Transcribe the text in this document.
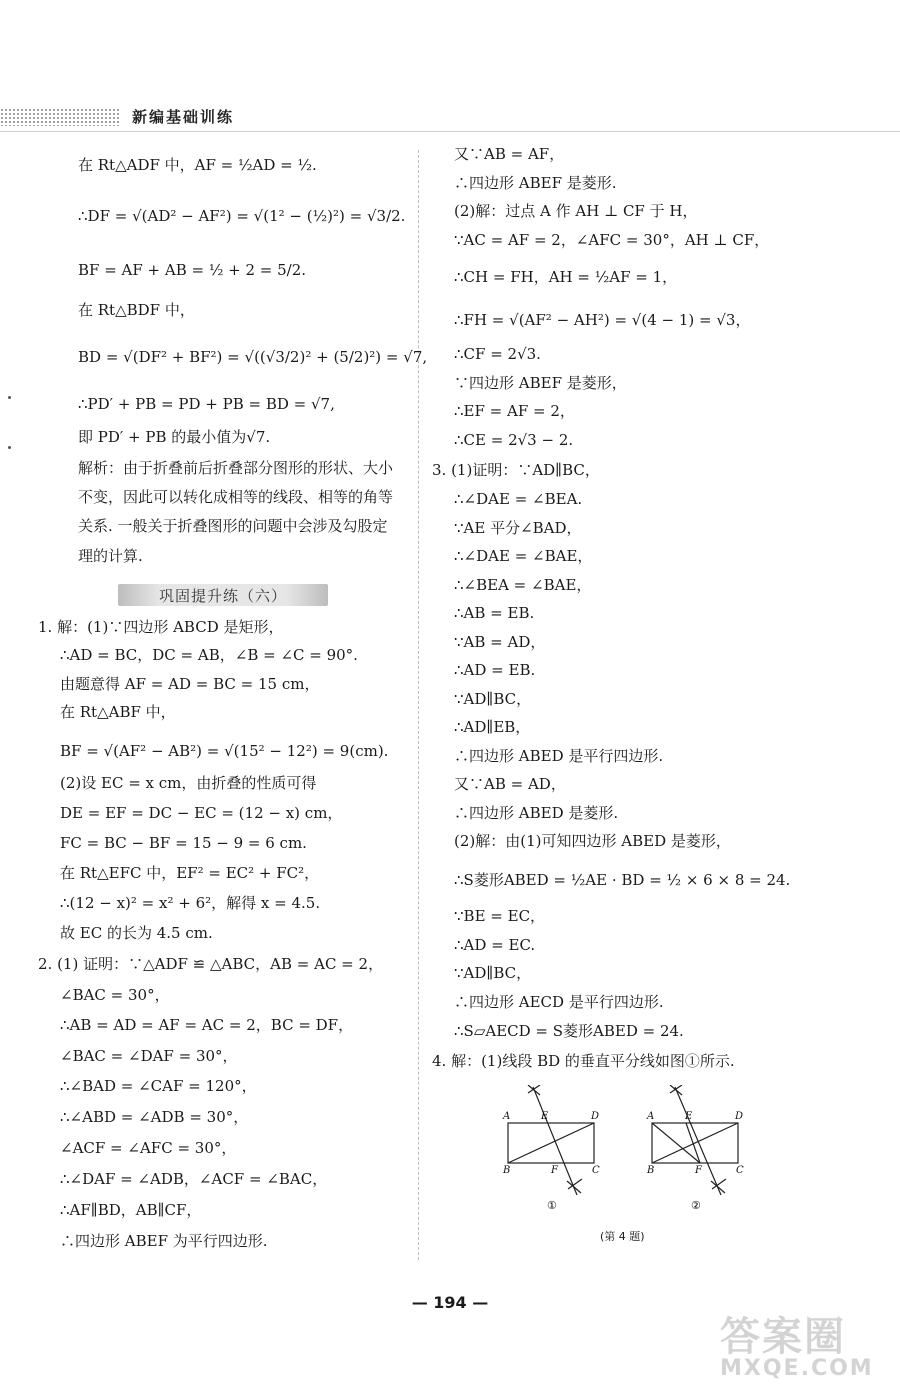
新编基础训练
在 Rt△ADF 中，AF = ½AD = ½.
∴DF = √(AD² − AF²) = √(1² − (½)²) = √3/2.
BF = AF + AB = ½ + 2 = 5/2.
在 Rt△BDF 中，
BD = √(DF² + BF²) = √((√3/2)² + (5/2)²) = √7,
∴PD′ + PB = PD + PB = BD = √7,
即 PD′ + PB 的最小值为√7.
解析：由于折叠前后折叠部分图形的形状、大小
不变，因此可以转化成相等的线段、相等的角等
关系. 一般关于折叠图形的问题中会涉及勾股定
理的计算.
1. 解：(1)∵四边形 ABCD 是矩形，
∴AD = BC，DC = AB，∠B = ∠C = 90°.
由题意得 AF = AD = BC = 15 cm，
在 Rt△ABF 中，
BF = √(AF² − AB²) = √(15² − 12²) = 9(cm).
(2)设 EC = x cm，由折叠的性质可得
DE = EF = DC − EC = (12 − x) cm，
FC = BC − BF = 15 − 9 = 6 cm.
在 Rt△EFC 中，EF² = EC² + FC²，
∴(12 − x)² = x² + 6²，解得 x = 4.5.
故 EC 的长为 4.5 cm.
2. (1) 证明：∵△ADF ≌ △ABC，AB = AC = 2，
∠BAC = 30°，
∴AB = AD = AF = AC = 2，BC = DF，
∠BAC = ∠DAF = 30°，
∴∠BAD = ∠CAF = 120°，
∴∠ABD = ∠ADB = 30°，
∠ACF = ∠AFC = 30°，
∴∠DAF = ∠ADB，∠ACF = ∠BAC，
∴AF∥BD，AB∥CF，
∴四边形 ABEF 为平行四边形.
又∵AB = AF，
∴四边形 ABEF 是菱形.
(2)解：过点 A 作 AH ⊥ CF 于 H，
∵AC = AF = 2，∠AFC = 30°，AH ⊥ CF，
∴CH = FH，AH = ½AF = 1，
∴FH = √(AF² − AH²) = √(4 − 1) = √3，
∴CF = 2√3.
∵四边形 ABEF 是菱形，
∴EF = AF = 2，
∴CE = 2√3 − 2.
3. (1)证明：∵AD∥BC，
∴∠DAE = ∠BEA.
∵AE 平分∠BAD，
∴∠DAE = ∠BAE，
∴∠BEA = ∠BAE，
∴AB = EB.
∵AB = AD，
∴AD = EB.
∵AD∥BC，
∴AD∥EB，
∴四边形 ABED 是平行四边形.
又∵AB = AD，
∴四边形 ABED 是菱形.
(2)解：由(1)可知四边形 ABED 是菱形，
∴S菱形ABED = ½AE · BD = ½ × 6 × 8 = 24.
∵BE = EC，
∴AD = EC.
∵AD∥BC，
∴四边形 AECD 是平行四边形.
∴S▱AECD = S菱形ABED = 24.
4. 解：(1)线段 BD 的垂直平分线如图①所示.
巩固提升练（六）
A	E	D
B	F	C
①
A	E	D
B	F	C
②
(第 4 题)
— 194 —
答案圈
MXQE.COM
